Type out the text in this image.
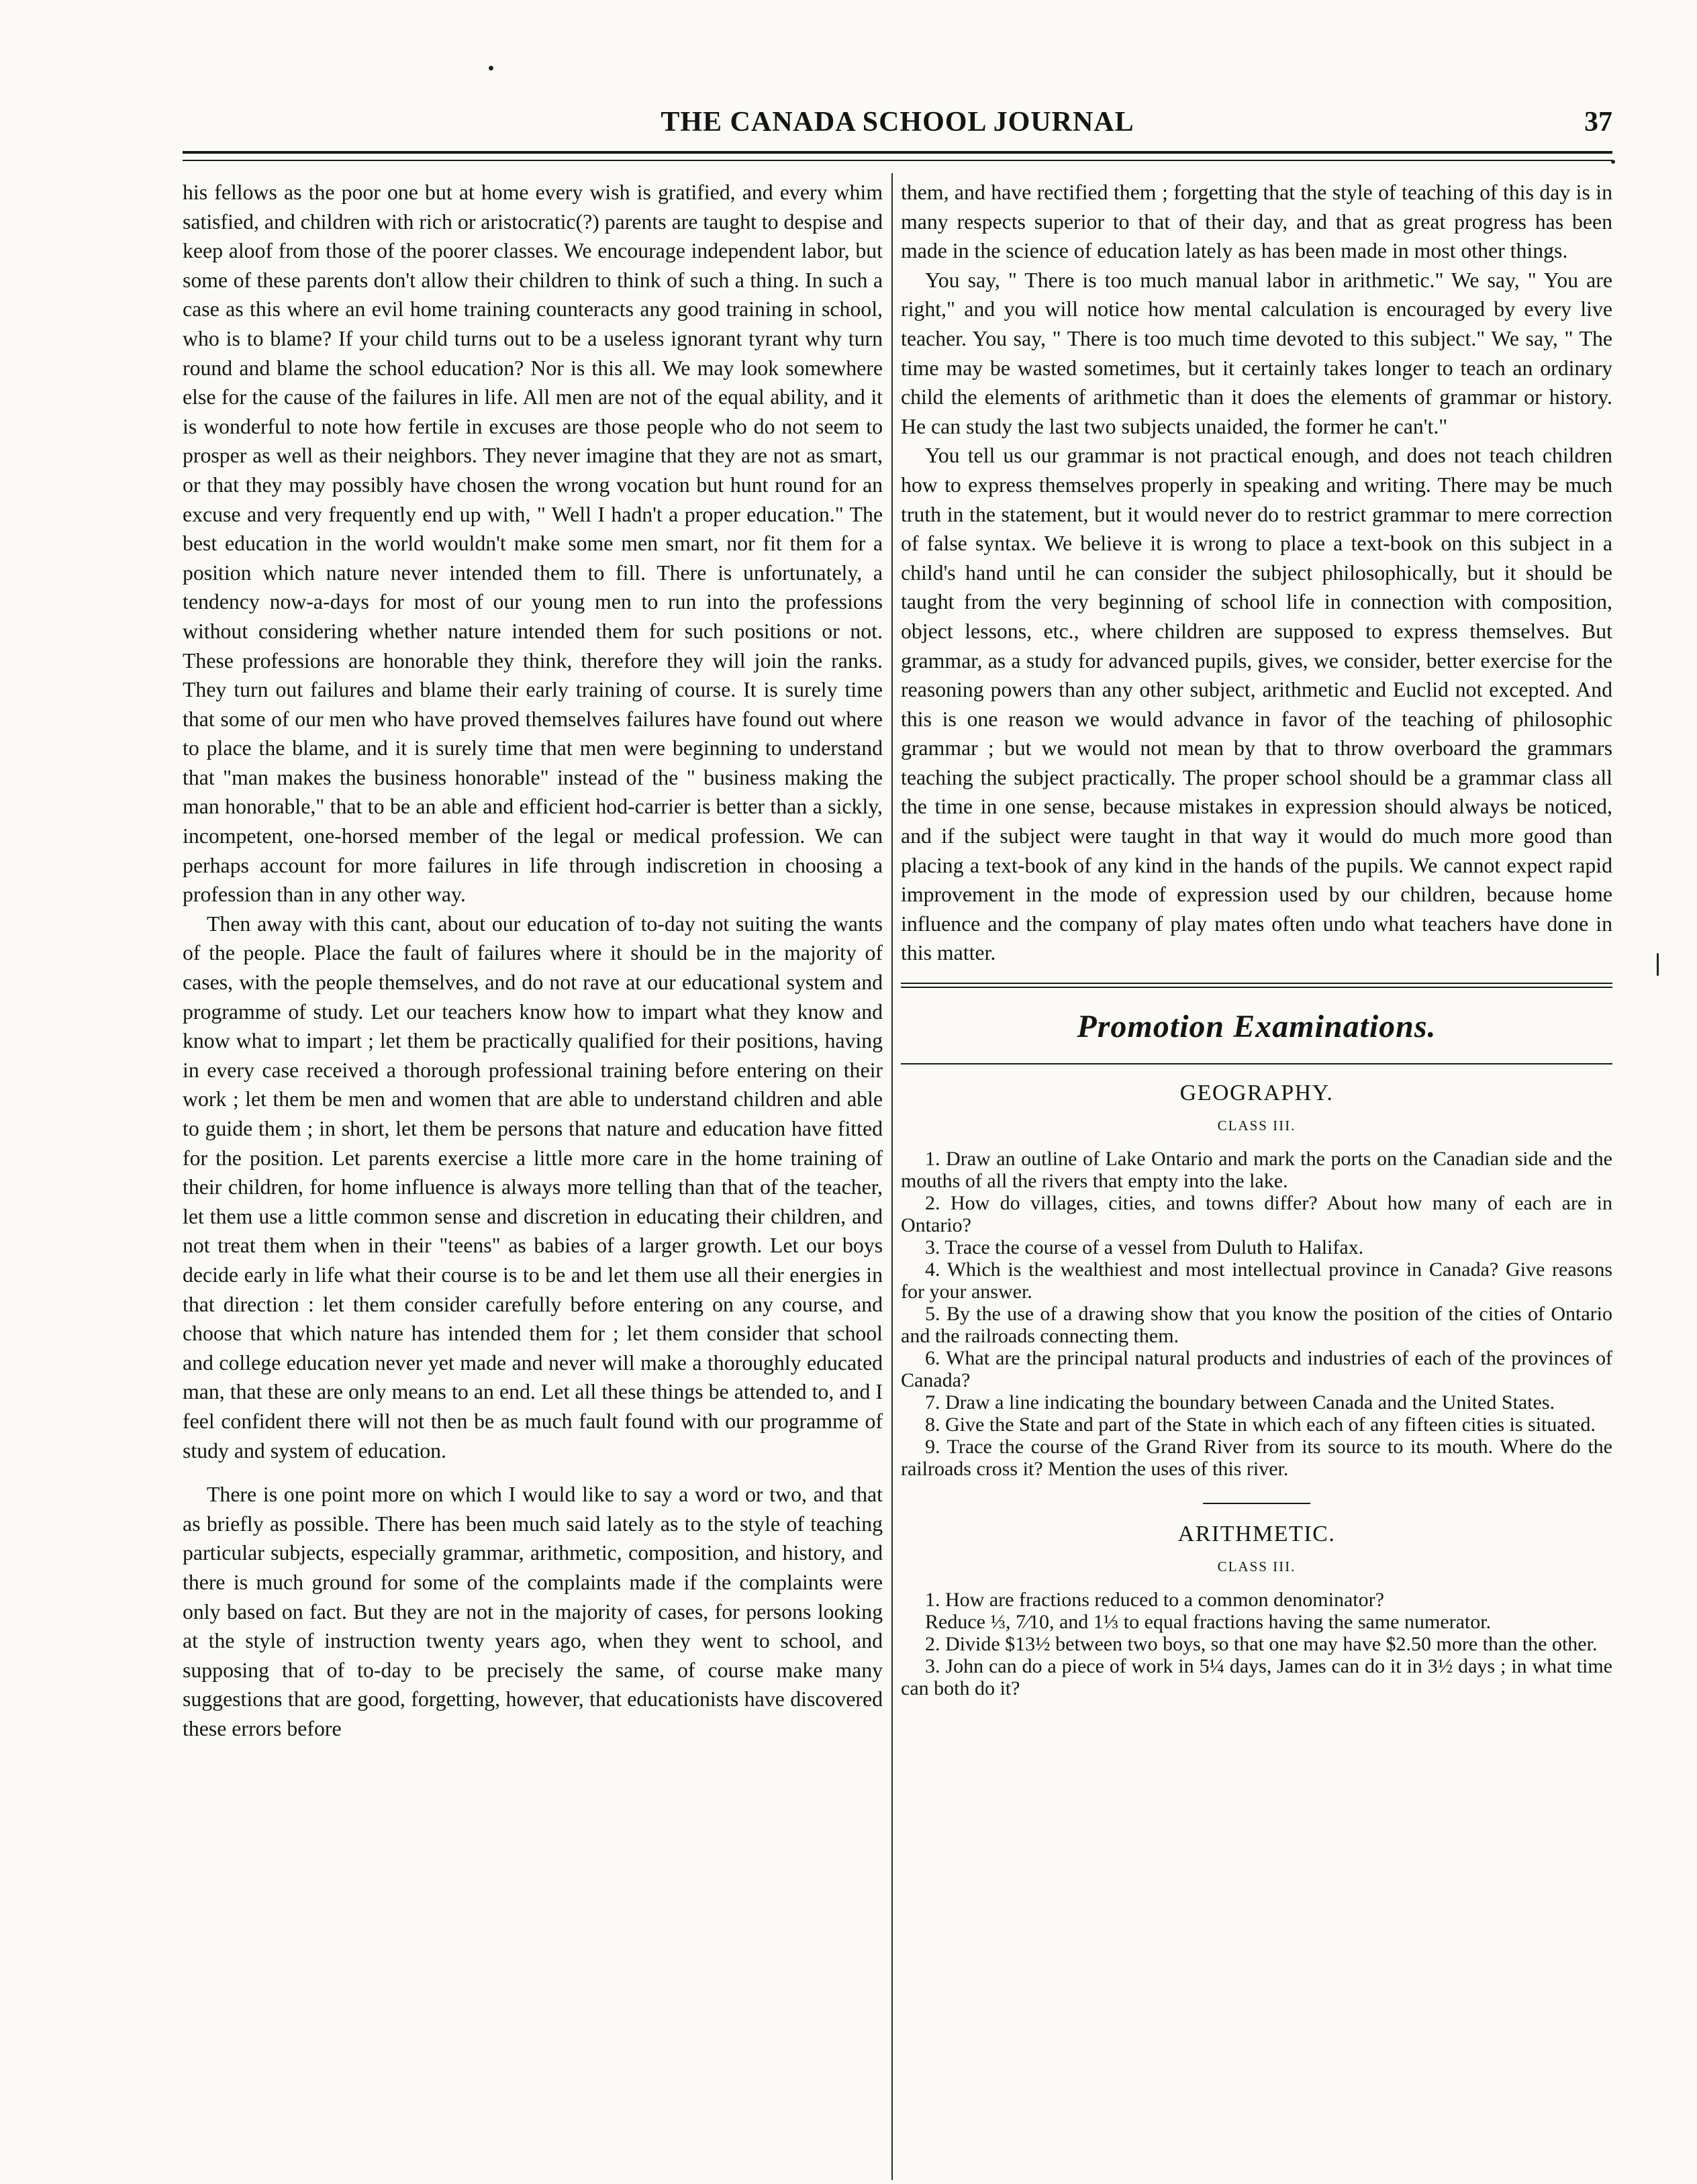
THE CANADA SCHOOL JOURNAL	37

his fellows as the poor one but at home every wish is gratified, and every whim satisfied, and children with rich or aristocratic(?) parents are taught to despise and keep aloof from those of the poorer classes. We encourage independent labor, but some of these parents don't allow their children to think of such a thing. In such a case as this where an evil home training counteracts any good training in school, who is to blame? If your child turns out to be a useless ignorant tyrant why turn round and blame the school education? Nor is this all. We may look somewhere else for the cause of the failures in life. All men are not of the equal ability, and it is wonderful to note how fertile in excuses are those people who do not seem to prosper as well as their neighbors. They never imagine that they are not as smart, or that they may possibly have chosen the wrong vocation but hunt round for an excuse and very frequently end up with, " Well I hadn't a proper education." The best education in the world wouldn't make some men smart, nor fit them for a position which nature never intended them to fill. There is unfortunately, a tendency now-a-days for most of our young men to run into the professions without considering whether nature intended them for such positions or not. These professions are honorable they think, therefore they will join the ranks. They turn out failures and blame their early training of course. It is surely time that some of our men who have proved themselves failures have found out where to place the blame, and it is surely time that men were beginning to understand that "man makes the business honorable" instead of the " business making the man honorable," that to be an able and efficient hod-carrier is better than a sickly, incompetent, one-horsed member of the legal or medical profession. We can perhaps account for more failures in life through indiscretion in choosing a profession than in any other way.

Then away with this cant, about our education of to-day not suiting the wants of the people. Place the fault of failures where it should be in the majority of cases, with the people themselves, and do not rave at our educational system and programme of study. Let our teachers know how to impart what they know and know what to impart ; let them be practically qualified for their positions, having in every case received a thorough professional training before entering on their work ; let them be men and women that are able to understand children and able to guide them ; in short, let them be persons that nature and education have fitted for the position. Let parents exercise a little more care in the home training of their children, for home influence is always more telling than that of the teacher, let them use a little common sense and discretion in educating their children, and not treat them when in their "teens" as babies of a larger growth. Let our boys decide early in life what their course is to be and let them use all their energies in that direction : let them consider carefully before entering on any course, and choose that which nature has intended them for ; let them consider that school and college education never yet made and never will make a thoroughly educated man, that these are only means to an end. Let all these things be attended to, and I feel confident there will not then be as much fault found with our programme of study and system of education.

There is one point more on which I would like to say a word or two, and that as briefly as possible. There has been much said lately as to the style of teaching particular subjects, especially grammar, arithmetic, composition, and history, and there is much ground for some of the complaints made if the complaints were only based on fact. But they are not in the majority of cases, for persons looking at the style of instruction twenty years ago, when they went to school, and supposing that of to-day to be precisely the same, of course make many suggestions that are good, forgetting, however, that educationists have discovered these errors before

them, and have rectified them ; forgetting that the style of teaching of this day is in many respects superior to that of their day, and that as great progress has been made in the science of education lately as has been made in most other things.

You say, " There is too much manual labor in arithmetic." We say, " You are right," and you will notice how mental calculation is encouraged by every live teacher. You say, " There is too much time devoted to this subject." We say, " The time may be wasted sometimes, but it certainly takes longer to teach an ordinary child the elements of arithmetic than it does the elements of grammar or history. He can study the last two subjects unaided, the former he can't."

You tell us our grammar is not practical enough, and does not teach children how to express themselves properly in speaking and writing. There may be much truth in the statement, but it would never do to restrict grammar to mere correction of false syntax. We believe it is wrong to place a text-book on this subject in a child's hand until he can consider the subject philosophically, but it should be taught from the very beginning of school life in connection with composition, object lessons, etc., where children are supposed to express themselves. But grammar, as a study for advanced pupils, gives, we consider, better exercise for the reasoning powers than any other subject, arithmetic and Euclid not excepted. And this is one reason we would advance in favor of the teaching of philosophic grammar ; but we would not mean by that to throw overboard the grammars teaching the subject practically. The proper school should be a grammar class all the time in one sense, because mistakes in expression should always be noticed, and if the subject were taught in that way it would do much more good than placing a text-book of any kind in the hands of the pupils. We cannot expect rapid improvement in the mode of expression used by our children, because home influence and the company of play mates often undo what teachers have done in this matter.

Promotion Examinations.
GEOGRAPHY.
CLASS III.

1. Draw an outline of Lake Ontario and mark the ports on the Canadian side and the mouths of all the rivers that empty into the lake.

2. How do villages, cities, and towns differ? About how many of each are in Ontario?

3. Trace the course of a vessel from Duluth to Halifax.

4. Which is the wealthiest and most intellectual province in Canada? Give reasons for your answer.

5. By the use of a drawing show that you know the position of the cities of Ontario and the railroads connecting them.

6. What are the principal natural products and industries of each of the provinces of Canada?

7. Draw a line indicating the boundary between Canada and the United States.

8. Give the State and part of the State in which each of any fifteen cities is situated.

9. Trace the course of the Grand River from its source to its mouth. Where do the railroads cross it? Mention the uses of this river.

ARITHMETIC.
CLASS III.

1. How are fractions reduced to a common denominator?

Reduce ⅓, 7⁄10, and 1⅓ to equal fractions having the same numerator.

2. Divide $13½ between two boys, so that one may have $2.50 more than the other.

3. John can do a piece of work in 5¼ days, James can do it in 3½ days ; in what time can both do it?
